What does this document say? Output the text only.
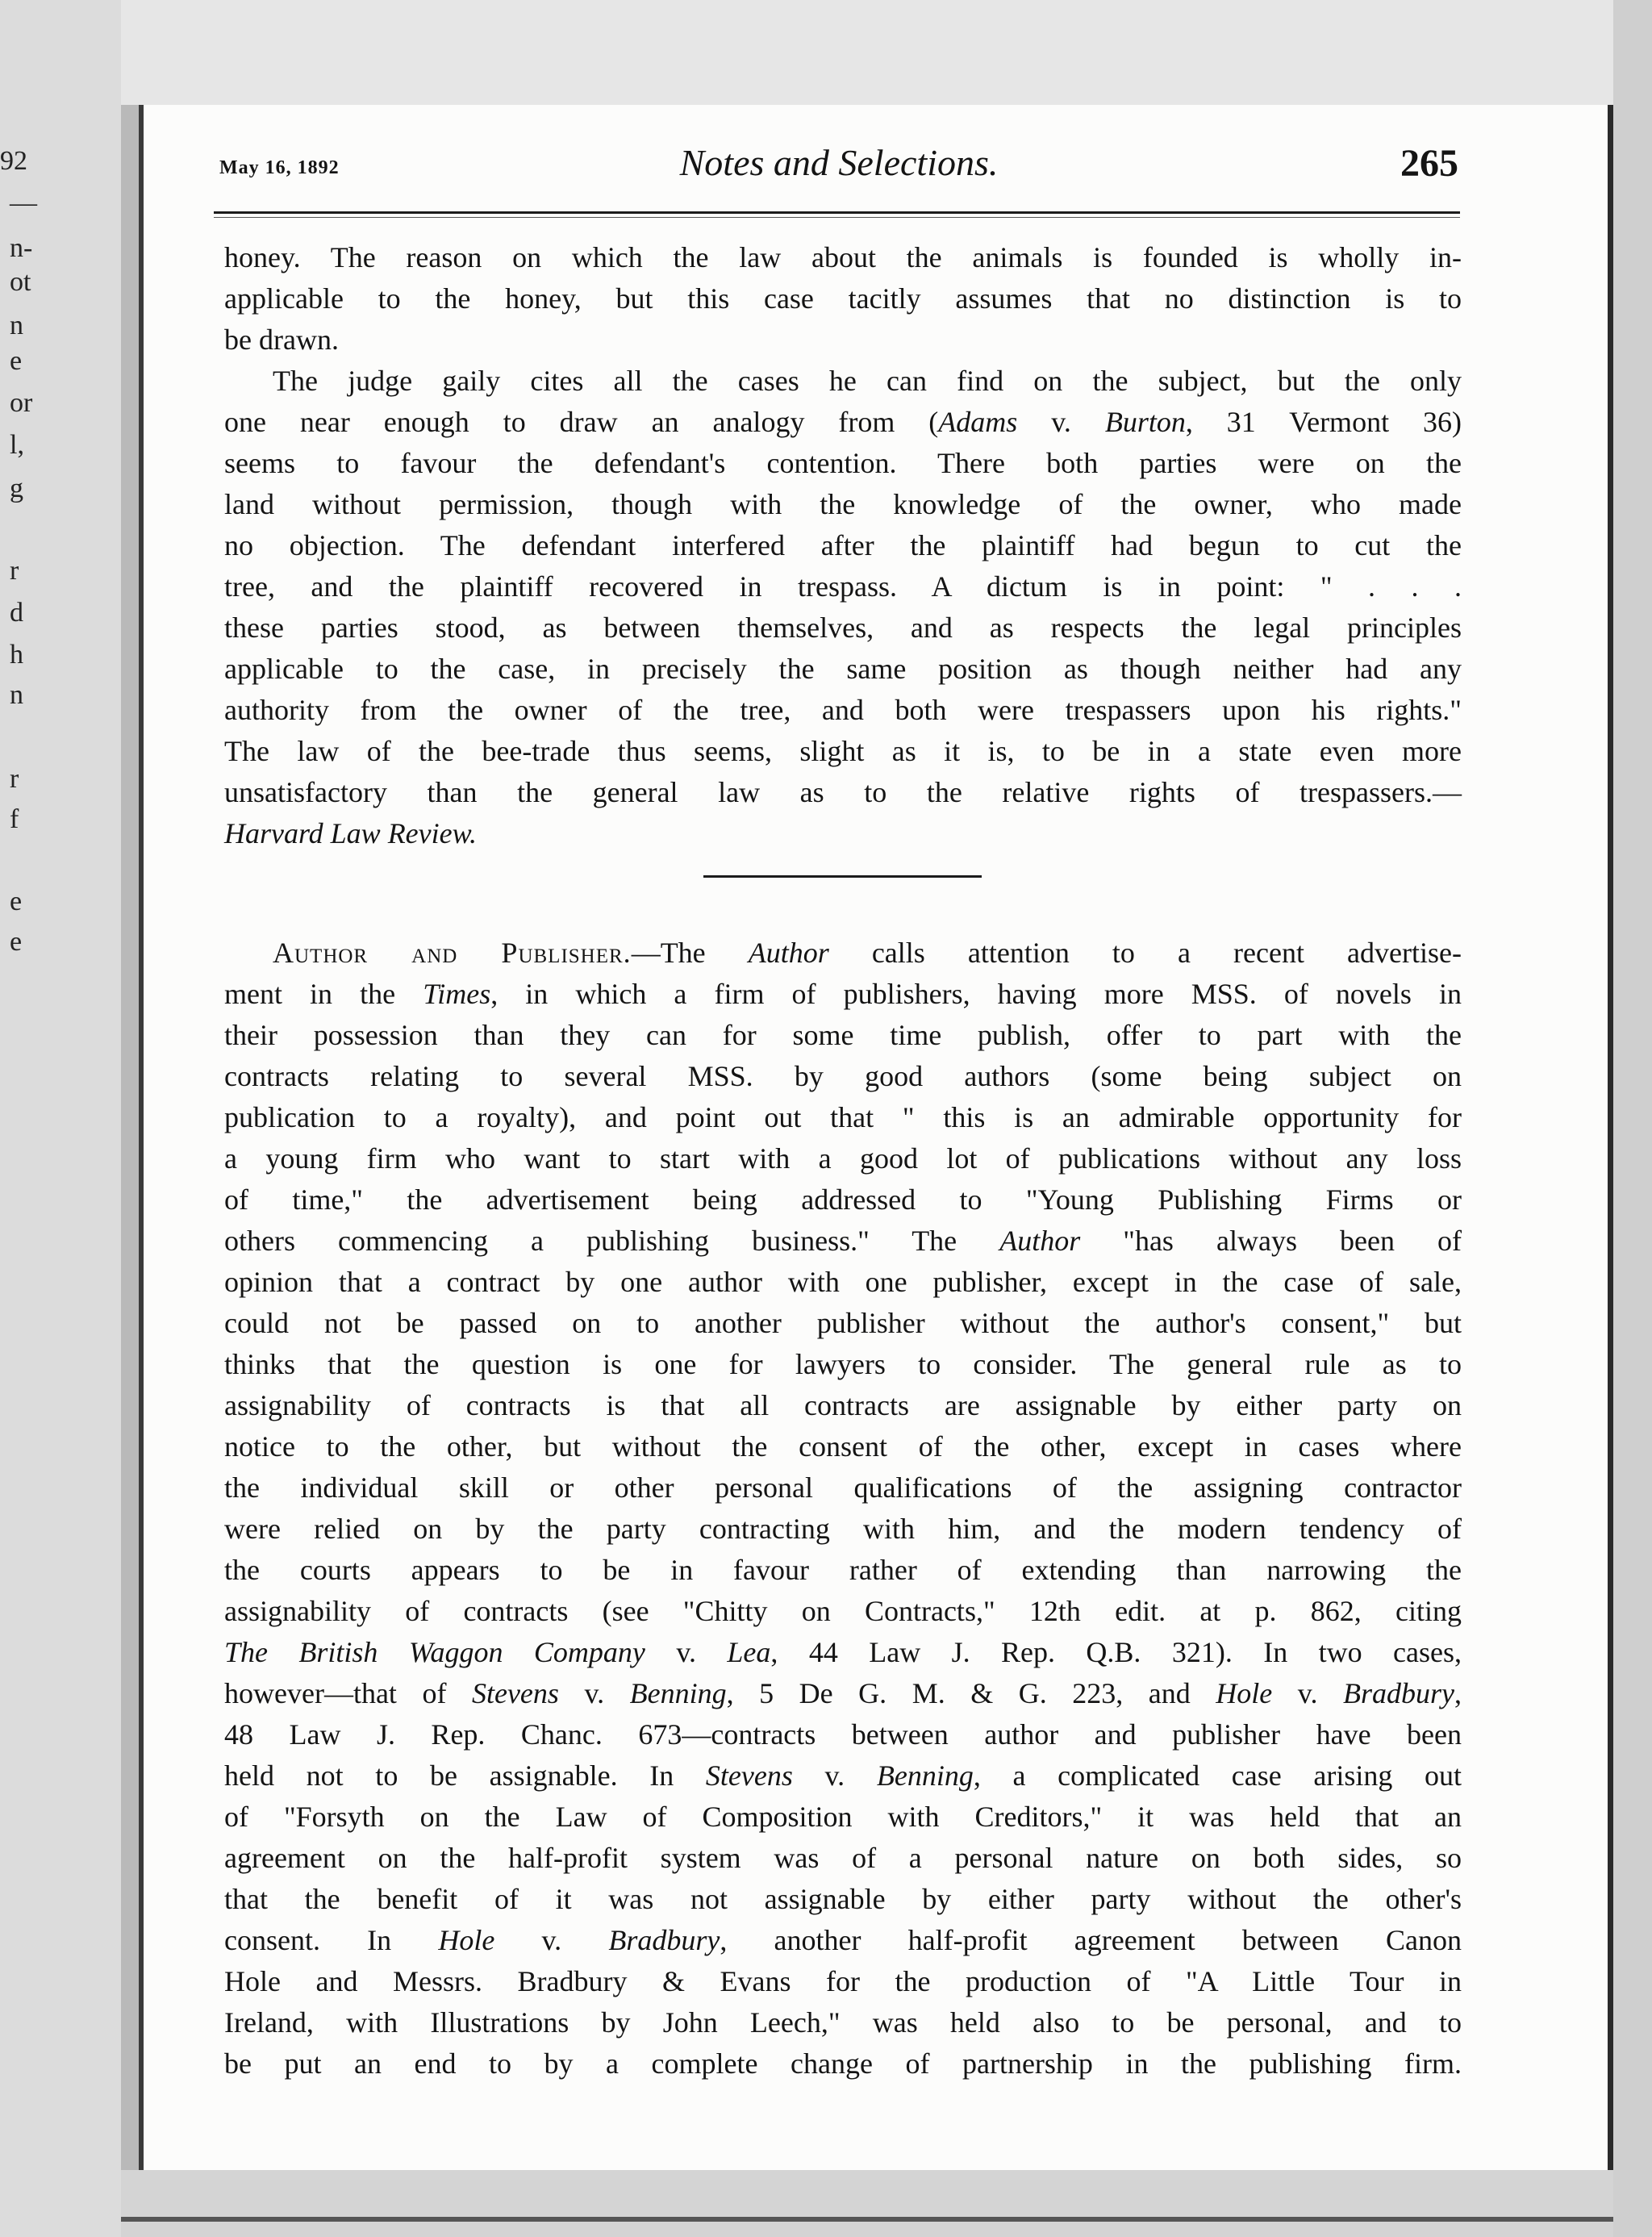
92
—
n-
ot
n
e
or
l,
g
r
d
h
n
r
f
e
e
May 16, 1892	Notes and Selections.	265

honey. The reason on which the law about the animals is founded is wholly in-
applicable to the honey, but this case tacitly assumes that no distinction is to
be drawn.

The judge gaily cites all the cases he can find on the subject, but the only
one near enough to draw an analogy from (Adams v. Burton, 31 Vermont 36)
seems to favour the defendant's contention. There both parties were on the
land without permission, though with the knowledge of the owner, who made
no objection. The defendant interfered after the plaintiff had begun to cut the
tree, and the plaintiff recovered in trespass. A dictum is in point: " . . .
these parties stood, as between themselves, and as respects the legal principles
applicable to the case, in precisely the same position as though neither had any
authority from the owner of the tree, and both were trespassers upon his rights."
The law of the bee-trade thus seems, slight as it is, to be in a state even more
unsatisfactory than the general law as to the relative rights of trespassers.—
Harvard Law Review.

Author and Publisher.—The Author calls attention to a recent advertise-
ment in the Times, in which a firm of publishers, having more MSS. of novels in
their possession than they can for some time publish, offer to part with the
contracts relating to several MSS. by good authors (some being subject on
publication to a royalty), and point out that " this is an admirable opportunity for
a young firm who want to start with a good lot of publications without any loss
of time," the advertisement being addressed to "Young Publishing Firms or
others commencing a publishing business." The Author "has always been of
opinion that a contract by one author with one publisher, except in the case of sale,
could not be passed on to another publisher without the author's consent," but
thinks that the question is one for lawyers to consider. The general rule as to
assignability of contracts is that all contracts are assignable by either party on
notice to the other, but without the consent of the other, except in cases where
the individual skill or other personal qualifications of the assigning contractor
were relied on by the party contracting with him, and the modern tendency of
the courts appears to be in favour rather of extending than narrowing the
assignability of contracts (see "Chitty on Contracts," 12th edit. at p. 862, citing
The British Waggon Company v. Lea, 44 Law J. Rep. Q.B. 321). In two cases,
however—that of Stevens v. Benning, 5 De G. M. & G. 223, and Hole v. Bradbury,
48 Law J. Rep. Chanc. 673—contracts between author and publisher have been
held not to be assignable. In Stevens v. Benning, a complicated case arising out
of "Forsyth on the Law of Composition with Creditors," it was held that an
agreement on the half-profit system was of a personal nature on both sides, so
that the benefit of it was not assignable by either party without the other's
consent. In Hole v. Bradbury, another half-profit agreement between Canon
Hole and Messrs. Bradbury & Evans for the production of "A Little Tour in
Ireland, with Illustrations by John Leech," was held also to be personal, and to
be put an end to by a complete change of partnership in the publishing firm.
